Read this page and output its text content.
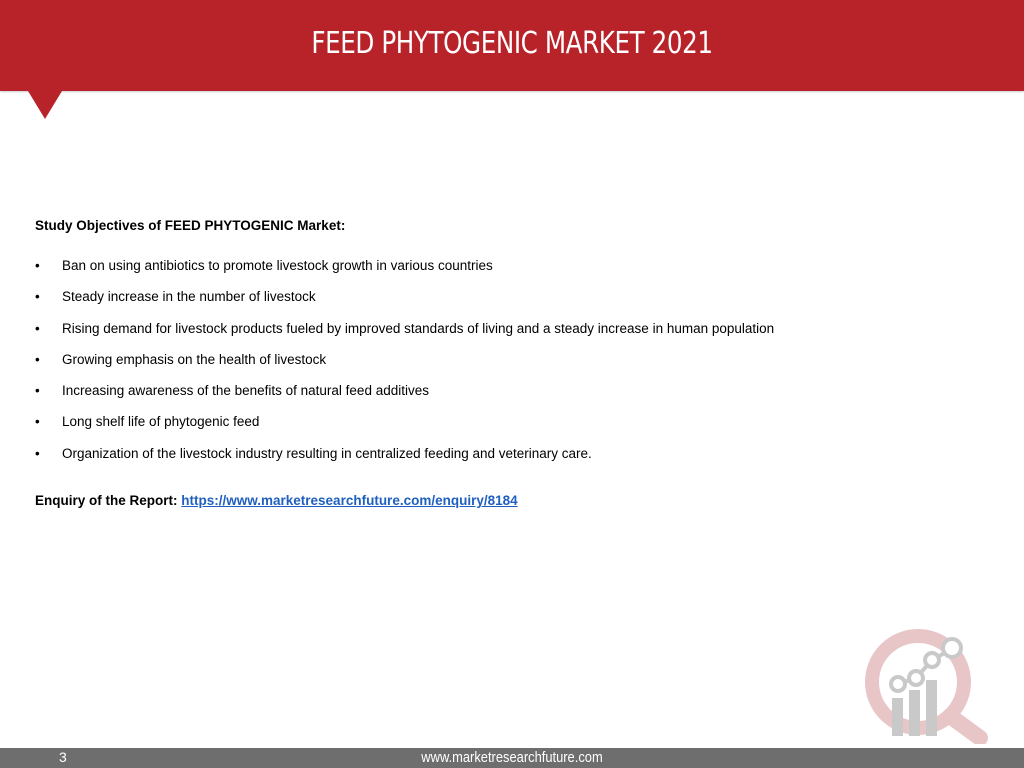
FEED PHYTOGENIC MARKET 2021
Study Objectives of FEED PHYTOGENIC Market:
• Ban on using antibiotics to promote livestock growth in various countries
• Steady increase in the number of livestock
• Rising demand for livestock products fueled by improved standards of living and a steady increase in human population
• Growing emphasis on the health of livestock
• Increasing awareness of the benefits of natural feed additives
• Long shelf life of phytogenic feed
• Organization of the livestock industry resulting in centralized feeding and veterinary care.
Enquiry of the Report: https://www.marketresearchfuture.com/enquiry/8184
3	www.marketresearchfuture.com
